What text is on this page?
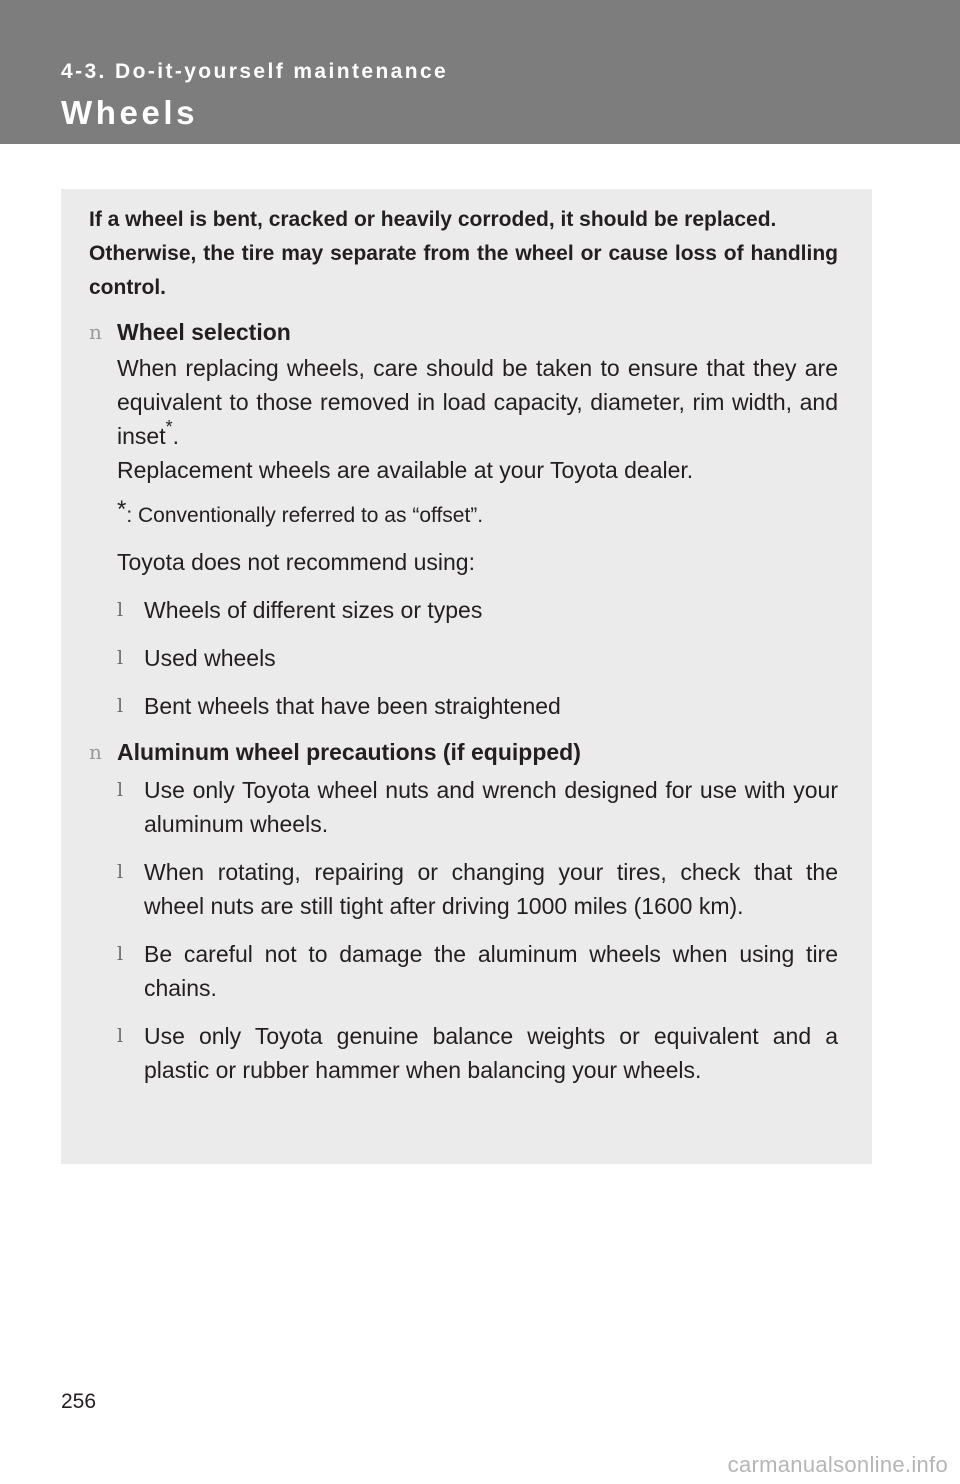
4-3. Do-it-yourself maintenance
Wheels

If a wheel is bent, cracked or heavily corroded, it should be replaced.

Otherwise, the tire may separate from the wheel or cause loss of handling control.

n Wheel selection
When replacing wheels, care should be taken to ensure that they are equivalent to those removed in load capacity, diameter, rim width, and inset*.
Replacement wheels are available at your Toyota dealer.
*: Conventionally referred to as “offset”.
Toyota does not recommend using:
l Wheels of different sizes or types
l Used wheels
l Bent wheels that have been straightened
n Aluminum wheel precautions (if equipped)
l Use only Toyota wheel nuts and wrench designed for use with your aluminum wheels.
l When rotating, repairing or changing your tires, check that the wheel nuts are still tight after driving 1000 miles (1600 km).
l Be careful not to damage the aluminum wheels when using tire chains.
l Use only Toyota genuine balance weights or equivalent and a plastic or rubber hammer when balancing your wheels.
256
carmanualsonline.info
